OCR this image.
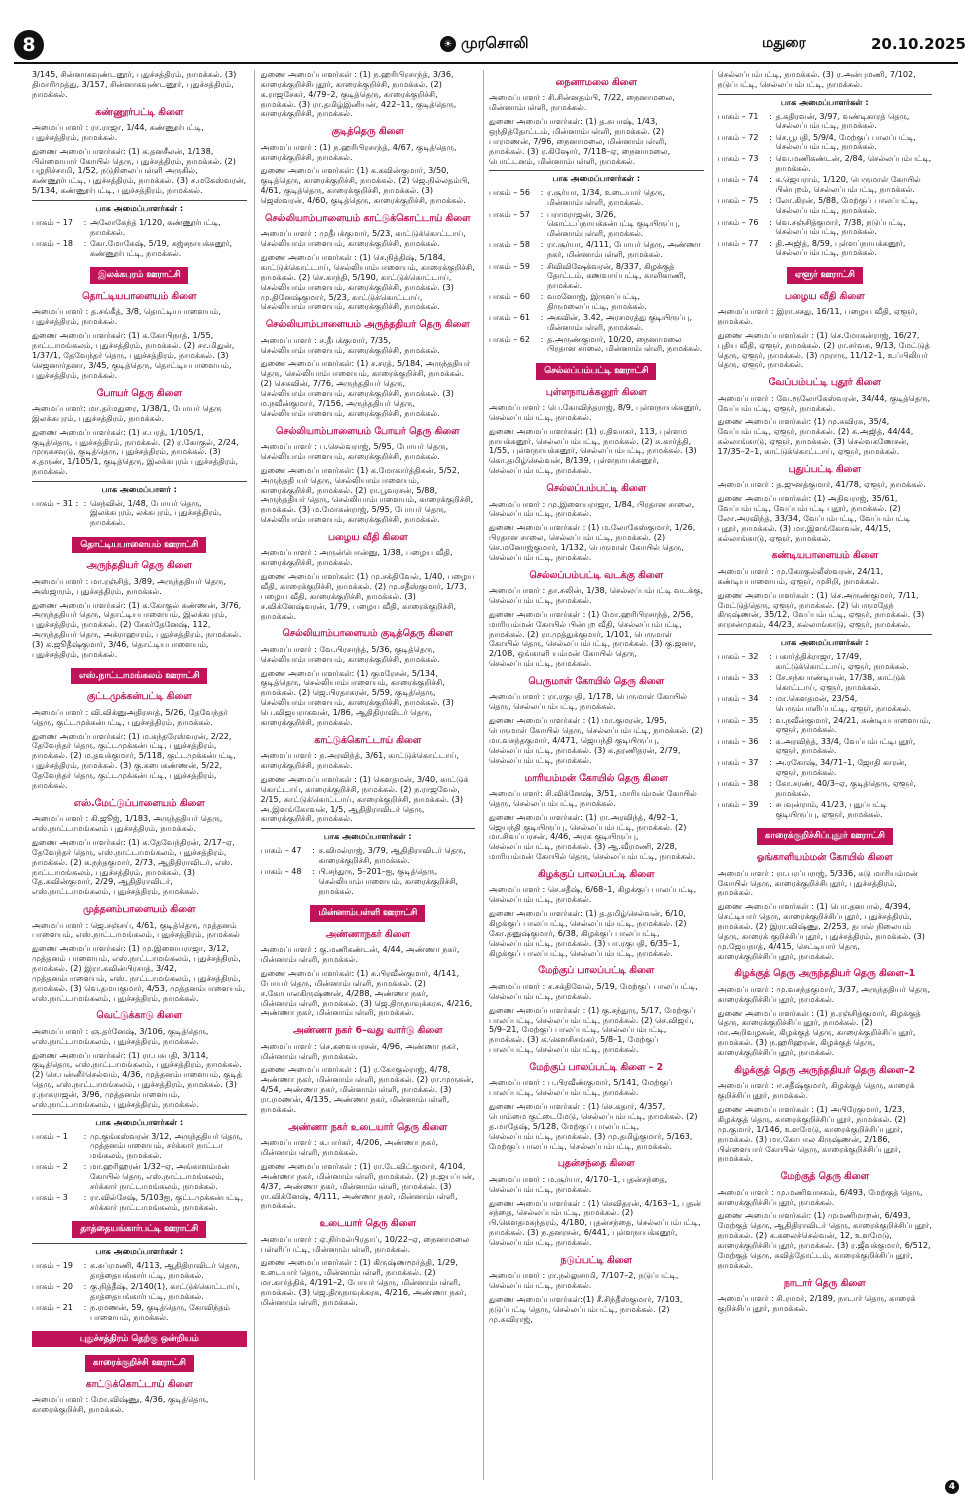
8	☀ முரசொலி	மதுரை	20.10.2025

3/145, சின்னாகவுண்டனூர், புதுச்சத்திரம், நாமக்கல். (3) திமாரிமுத்து, 3/157, சின்னாகவுண்டனூர், புதுச்சத்திரம், நாமக்கல்.

கண்ணூர்பட்டி கிளை

அமைப்பாளர் : ரா.ராஜா, 1/44, கண்ணூர்பட்டி, புதுச்சத்திரம், நாமக்கல்.

துணை அமைப்பாளர்கள்: (1) க.தனசீலன், 1/138, பிள்ளையார் கோயில் தெரு, புதுச்சத்திரம், நாமக்கல். (2) பழநிச்சாமி, 1/52, நடுநிலைப்பள்ளி அருகில், கண்ணூர்பட்டி, புதுச்சத்திரம், நாமக்கல். (3) ச.மகேஸ்வரன், 5/134, கண்ணூர்பட்டி, புதுச்சத்திரம், நாமக்கல்.

பாக அமைப்பாளர்கள் :
பாகம் – 17	:	அலோகேந்த் 1/120, கண்ணூர்பட்டி, நாமக்கல்.
பாகம் – 18	:	கோ.மோகேஷ், 5/19, கஜ்சநாயக்கனூர், கண்ணூர்பட்டி, நாமக்கல்.
இலக்கபுரம் ஊராட்சி
தொட்டியபாளையம் கிளை

அமைப்பாளர் : த.சங்கீத், 3/8, தொட்டியபாளையம், புதுச்சத்திரம், நாமக்கல்.

துணை அமைப்பாளர்கள்: (1) க.கோபிநாத், 1/55, நாட்டாமங்கலம், புதுச்சத்திரம், நாமக்கல். (2) சா.மிதுன், 1/37/1, தேவேந்தர் தெரு, புதுச்சத்திரம், நாமக்கல். (3) செஜனார்தனா, 3/45, குடித்தெரு, தொட்டியபாளையம், புதுச்சத்திரம், நாமக்கல்.

போயர் தெரு கிளை

அமைப்பாளர்: மா.தர்மதுரை, 1/38/1, போயர் தெரு இலக்கபுரம், புதுச்சத்திரம், நாமக்கல்.

துணை அமைப்பாளர்கள்: (1) ச.பரத், 1/105/1, குடித்தெரு, புதுச்சத்திரம், நாமக்கல். (2) ர.கோகுல், 2/24, முருகசவுடு, குடித்தெரு, புதுச்சத்திரம், நாமக்கல். (3) ச.தருண், 1/105/1, குடித்தெரு, இலக்கபுரம் புதுச்சத்திரம், நாமக்கல்.

பாக அமைப்பாளர் :
பாகம் – 31 :	:	செந்வின், 1/48, போயர் தெரு, இலக்கபுரம், லக்கபுரம், புதுச்சத்திரம், நாமக்கல்.
தொட்டியபாளையம் ஊராட்சி
அருந்ததியர் தெரு கிளை

அமைப்பாளர் : மா.ரஞ்சித், 3/89, அருந்ததியர் தெரு, அஸ்ஜாரம், புதுச்சத்திரம், நாமக்கல்.

துணை அமைப்பாளர்கள்: (1) க.கோகுல் கண்ணன், 3/76, அருந்ததியர் தெரு, தொட்டியபாளையம், இலக்கபுரம், புதுச்சத்திரம், நாமக்கல். (2) சேகர்தேனேஷ், 112, அருந்ததியர் தெரு, அக்ராஹாரம், புதுச்சத்திரம், நாமக்கல். (3) க.ஜூதீஷ்குமார், 3/46, தொட்டியபாளையம், புதுச்சத்திரம், நாமக்கல்.

எஸ்.நாட்டாமங்கலம் ஊராட்சி
குட்டமுக்கன்பட்டி கிளை

அமைப்பாளர் : வி.விக்னுஅதிரசாத், 5/26, தேவேந்தர் தெரு, குட்டமுக்கன்பட்டி, புதுச்சத்திரம், நாமக்கல்.

துணை அமைப்பாளர்கள்: (1) ம.சுந்தரேஸ்வரன், 2/22, தேவேந்தர் தெரு, குட்டமுக்கன்பட்டி, புதுச்சத்திரம், நாமக்கல். (2) ம.தவக்குமார், 5/118, குட்டமுக்கன்பட்டி, புதுச்சத்திரம், நாமக்கல். (3) கு.கபைகண்ணன், 5/22, தேவேந்தர் தெரு, குட்டமுக்கன்பட்டி, புதுச்சத்திரம், நாமக்கல்.

எஸ்.மேட்டுப்பாளையம் கிளை

அமைப்பாளர் : கி.ஜூஜ், 1/183, அருந்ததியர் தெரு, எஸ்.நாட்டாமங்கலம் புதுச்சத்திரம், நாமக்கல்.

துணை அமைப்பாளர்கள்: (1) க.தேவேந்திரன், 2/17–ஏ, தேவேந்தர் தெரு, எஸ்.நாட்டாமங்கலம், புதுச்சத்திரம், நாமக்கல். (2) க.நந்தகுமார், 2/73, ஆதிதிராவிடர், எஸ். நாட்டாமங்கலம், புதுச்சத்திரம், நாமக்கல். (3) தே.கவின்குமார், 2/29, ஆதிதிராவிடர், எஸ்.நாட்டாமங்கலம், புதுச்சத்திரம், நாமக்கல்.

முத்தனம்பாளையம் கிளை

அமைப்பாளர் : ஜெ.சஞ்சய், 4/61, குடித்தெரு, முத்தனம் பாளையம், எஸ்.நாட்டாமங்கலம், புதுச்சத்திரம், நாமக்கல்

துணை அமைப்பாளர்கள்: (1) மு.இளையராஜா, 3/12, முத்தனம் பாளையம், எஸ்.நாட்டாமங்கலம், புதுச்சத்திரம், நாமக்கல். (2) இரா.கவின்பிரசாத், 3/42, முத்தனம்பாளையம், எஸ். நாட்டாமங்கலம், புதுச்சத்திரம், நாமக்கல். (3) வெ.தமயகுமார், 4/53, முத்தனம்பாளையம், எஸ்.நாட்டாமங்கலம், புதுச்சத்திரம், நாமக்கல்.

வெட்டுக்காடு கிளை

அமைப்பாளர் : ஞ.தர்னேஷ், 3/106, குடித்தெரு, எஸ்.நாட்டாமங்கலம், புதுச்சத்திரம், நாமக்கல்.

துணை அமைப்பாளர்கள்: (1) ரா.பசுபதி, 3/114, குடித்தெரு, எஸ்.நாட்டாமங்கலம், புதுச்சத்திரம், நாமக்கல். (2) செ.பன்னீர்செல்வம், 4/36, முத்தனம்பாளையம், குடித் தெரு, எஸ்.நாட்டாமங்கலம், புதுச்சத்திரம், நாமக்கல். (3) ர.நாகராஜன், 3/96, முத்தனம்பாளையம், எஸ்.நாட்டாமங்கலம், புதுச்சத்திரம், நாமக்கல்.

பாக அமைப்பாளர்கள் :
பாகம் – 1	:	மு.குங்கஸ்வரன் 3/12, அருந்ததியர் தெரு, முத்தனம்பாளையம், சர்க்கார் நாட்டா மங்கலம், நாமக்கல்.
பாகம் – 2	:	மா.ஹரிஹரன் 1/32–ஏ, அங்காளம்மன் கோயில் தெரு, எஸ்.நாட்டாமங்கலம், சர்க்கார் நாட்டாமங்கலம், நாமக்கல்.
பாகம் – 3	:	ரா.வில்சேஷ், 5/103ஐ, குட்டமுக்கன்பட்டி, சர்க்கார் நாட்டாமங்கலம், நாமக்கல்.
தாத்தையங்கார்பட்டி ஊராட்சி
பாக அமைப்பாளர்கள் :
பாகம் – 19	:	க.சுப்ரமணி, 4/113, ஆதிதிராவிடர் தெரு, தாத்தையங்கார்பட்டி, நாமக்கல்.
பாகம் – 20	:	கு.நித்தீஷ், 2/140(1), காட்டுக்கொட்டாய், தாத்தையங்கார்பட்டி, நாமக்கல்.
பாகம் – 21	:	ந.ரமணன், 59, குடித்தெரு, கோவிந்தம் பாளையம், நாமக்கல்.
புதுச்சத்திரம் தெற்கு ஒன்றியம்
காரைக்குறிச்சி ஊராட்சி
காட்டுக்கொட்டாய் கிளை

அமைப்பாளர் : மோ.விஷ்ணு, 4/36, குடித்தெரு, காரைக்குறிச்சி, நாமக்கல்.

துணை அமைப்பாளர்கள் : (1) ந.ஹரிபிரசாந்த், 3/36, காரைக்குறிச்சிபுதூர், காரைக்குறிச்சி, நாமக்கல். (2) க.ராஜசேகர், 4/79–2, குடித்தெரு, காரைக்குறிச்சி, நாமக்கல். (3) ரா.தமிழ்இனியன், 422–11, குடித்தெரு, காரைக்குறிச்சி, நாமக்கல்.

குடித்தெரு கிளை

அமைப்பாளர் : (1) ந.ஹரிபிரசாந்த், 4/67, குடித்தெரு, காரைக்குறிச்சி, நாமக்கல்.

துணை அமைப்பாளர்கள்: (1) க.கவின்குமார், 3/50, குடித்தெரு, காரைக்குறிச்சி, நாமக்கல். (2) ஜெ.நில்லதம்பி, 4/61, குடித்தெரு, காரைக்குறிச்சி, நாமக்கல். (3) ஜெஸ்வரன், 4/60, குடித்தெரு, காரைக்குறிச்சி, நாமக்கல்.

செல்லியாம்பாளையம் காட்டுக்கொட்டாய் கிளை

அமைப்பாளர் : முதீபக்குமார், 5/23, காட்டுக்கொட்டாய், செல்லியாம்பாளையம், காரைக்குறிச்சி, நாமக்கல்.

துணை அமைப்பாளர்கள் : (1) செ.நித்திஷ், 5/184, காட்டுக்கொட்டாய், செல்லியாம்பாளையம், காரைக்குறிச்சி, நாமக்கல். (2) செ.காந்தி, 5/190, காட்டுக்கொட்டாய், செல்லியாம்பாளையம், காரைக்குறிச்சி, நாமக்கல். (3) மு.தினேஷ்குமார், 5/23, காட்டுக்கொட்டாய், செல்லியாம்பாளையம், காரைக்குறிச்சி, நாமக்கல்.

செல்லியாம்பாளையம் அருந்ததியர் தெரு கிளை

அமைப்பாளர் : ச.தீபக்குமார், 7/35, செல்லியாம்பாளையம், காரைக்குறிச்சி, நாமக்கல்.

துணை அமைப்பாளர்கள்: (1) ச.சரத், 5/184, அருந்ததியர் தெரு, செல்லியாம்பாளையம், காரைக்குறிச்சி, நாமக்கல். (2) செசுவின், 7/76, அருந்ததியர் தெரு, செல்லியாம்பாளையம், காரைக்குறிச்சி, நாமக்கல். (3) ம.நவீன்குமார், 7/156, அருந்ததியர் தெரு, செல்லியாம்பாளையம், காரைக்குறிச்சி, நாமக்கல்.

செல்லியாம்பாளையம் போயர் தெரு கிளை

அமைப்பாளர் : ப.செல்வராஜ், 5/95, போயர் தெரு, செல்லியாம்பாளையம், காரைக்குறிச்சி, நாமக்கல்.

துணை அமைப்பாளர்கள்: (1) க.மோகார்த்திகன், 5/52, அருந்ததி யர் தெரு, செல்லியாம்பாளையம், காரைக்குறிச்சி, நாமக்கல். (2) ரா.பூவரசன், 5/88, அருந்ததியர் தெரு, செல்லியாம்பாளையம், காரைக்குறிச்சி, நாமக்கல். (3) ம.மோகன்ராஜ், 5/95, போயர் தெரு, செல்லியாம்பாளையம், காரைக்குறிச்சி, நாமக்கல்.

பழைய வீதி கிளை

அமைப்பாளர் : அருன்பொன்னு, 1/38, பழைய வீதி, காரைக்குறிச்சி, நாமக்கல்.

துணை அமைப்பாளர்கள்: (1) மு.சக்திவேல், 1/40, பழைய வீதி, காரைக்குறிச்சி, நாமக்கல். (2) மு.சதீஸ்குமார், 1/73, பழைய வீதி, காரைக்குறிச்சி, நாமக்கல். (3) ச.விக்னேஷ்வரன், 1/79, பழைய வீதி, காரைக்குறிச்சி, நாமக்கல்.

செல்லியாம்பாளையம் குடித்தெரு கிளை

அமைப்பாளர் : வே.பிரசாந்த், 5/36, குடித்தெரு, செல்லியாம்பாளையம், காரைக்குறிச்சி, நாமக்கல்.

துணை அமைப்பாளர்கள்: (1) குமரேசன், 5/134, குடித்தெரு, செல்லியாம்பாளையம், காரைக்குறிச்சி, நாமக்கல். (2) ஜெ.பிரதாகரன், 5/59, குடித்தெரு, செல்லியாம்பாளையம், காரைக்குறிச்சி, நாமக்கல். (3) பெ.விஜயராகவன், 1/86, ஆதிதிராவிடர் தெரு, காரைக்குறிச்சி, நாமக்கல்.

காட்டுக்கொட்டாய் கிளை

அமைப்பாளர் : ந.அரவிந்த், 3/61, காட்டுக்கொட்டாய், காரைக்குறிச்சி, நாமக்கல்.

துணை அமைப்பாளர்கள் : (1) கௌதமன், 3/40, காட்டுக் கொட்டாய், காரைக்குறிச்சி, நாமக்கல். (2) ந.ராஜவேல், 2/15, காட்டுக்கொட்டாய், காரைக்குறிச்சி, நாமக்கல். (3) அ.இளங்கோவன், 1/5, ஆதிதிராவிடர் தெரு, காரைக்குறிச்சி, நாமக்கல்.

பாக அமைப்பாளர்கள் :
பாகம் – 47	:	ச.விமல்ராஜ், 3/79, ஆதிதிராவிடர் தெரு, காரைக்குறிச்சி, நாமக்கல்.
பாகம் – 48	:	பி.சந்துரு, 5–201–ஐ, குடித்தெரு, செல்லியாம்பாளையம், காரைக்குறிச்சி, நாமக்கல்.
மின்னாம்பள்ளி ஊராட்சி
அண்ணாநகர் கிளை

அமைப்பாளர் : கு.மணிகண்டன், 4/44, அண்ணா நகர், மின்னாம்பள்ளி, நாமக்கல்.

துணை அமைப்பாளர்கள்: (1) சு.பிரவீன்குமார், 4/141, போயர் தெரு, மின்னாம்பள்ளி, நாமக்கல். (2) ச.கோபாலகிருஷ்ணன், 4/288, அண்ணா நகர், மின்னாம்பள்ளி, நாமக்கல். (3) ஜெ.திருநாவுக்கரசு, 4/216, அண்ணா நகர், மின்னாம்பள்ளி, நாமக்கல்.

அண்ணா நகர் 6–வது வார்டு கிளை

அமைப்பாளர் : செ.கவையரசன், 4/96, அண்ணா நகர், மின்னாம்பள்ளி, நாமக்கல்.

துணை அமைப்பாளர்கள் : (1) ர.கோகுல்ராஜ், 4/78, அண்ணா நகர், மின்னாம்பள்ளி, நாமக்கல். (2) ரா.முருகன், 4/54, அண்ணா நகர், மின்னாம்பள்ளி, நாமக்கல். (3) ரா.ரமணன், 4/135, அண்ணா நகர், மின்னாம்பள்ளி, நாமக்கல்.

அண்ணா நகர் உடையார் தெரு கிளை

அமைப்பாளர் : க.பார்கர், 4/206, அண்ணா நகர், மின்னாம்பள்ளி, நாமக்கல்.

துணை அமைப்பாளர்கள் : (1) ரா.டேவிட்குமார், 4/104, அண்ணா நகர், மின்னாம்பள்ளி, நாமக்கல். (2) ந.ஜயப்பன், 4/37, அண்ணா நகர், மின்னாம்பள்ளி, நாமக்கல். (3) ரா.விக்னேஷ், 4/111, அண்ணா நகர், மின்னாம்பள்ளி, நாமக்கல்.

உடையார் தெரு கிளை

அமைப்பாளர் : ஏ.நிர்மல்பிரதாப், 10/22–ஏ, நைனாமலை பள்ளிப்பட்டி, மின்னாம்பள்ளி, நாமக்கல்.

துணை அமைப்பாளர்கள் : (1) கிருஷ்ணமூர்த்தி, 1/29, உடையார் தெரு, மின்னாம்பள்ளி, நாமக்கல். (2) மா.கார்த்திக், 4/191–2, போயர் தெரு, மின்னாம்பள்ளி, நாமக்கல். (3) ஜெ.திருநாவுக்கரசு, 4/216, அண்ணா நகர், மின்னாம்பள்ளி, நாமக்கல்.

நைனாமலை கிளை

அமைப்பாளர் : சி.சின்னதம்பி, 7/22, நைனாமலை, மின்னாம்பள்ளி, நாமக்கல்.

துணை அமைப்பாளர்கள்: (1) த.சுபாஷ், 1/43, ஒந்தித்தோட்டம், மின்னாம்பள்ளி, நாமக்கல். (2) பாரமணன், 7/96, நைனாமலை, மின்னாம்பள்ளி, நாமக்கல். (3) ர.கிஷோர், 7/118–ஏ, நைனாமலை, பொட்டனம், மின்னாம்பள்ளி, நாமக்கல்.

பாக அமைப்பாளர்கள் :
பாகம் – 56	:	ர.சூர்யா, 1/34, உடையார் தெரு, மின்னாம்பள்ளி, நாமக்கல்.
பாகம் – 57	:	பராமராஜன், 3/26, கொட்டப்நாயக்கன்பட்டி குடியிருப்பு, மின்னாம்பள்ளி, நாமக்கல்.
பாகம் – 58	:	ரா.சூர்யா, 4/111, போயர் தெரு, அண்ணா நகர், மின்னாம்பள்ளி, நாமக்கல்.
பாகம் – 59	:	சிவிவிஷேக்வரன், 8/337, கிழக்குத் தோட்டம், கணவாய்பட்டி, காளிகாணி, நாமக்கல்.
பாகம் – 60	:	வமனோஜ், இருளப்பட்டி, திருமலைப்பட்டி, நாமக்கல்.
பாகம் – 61	:	அகவின், 3.42, அரசமரத்து குடியிருப்பு, மின்னாம்பள்ளி, நாமக்கல்.
பாகம் – 62	:	த.அருண்குமார், 10/20, நைனாமலை பிரதான சாலை, மின்னாம்பள்ளி, நாமக்கல்.
செல்லப்பம்பட்டி ஊராட்சி
புள்ளநாயக்கனூர் கிளை

அமைப்பாளர் : பெ.கோவிந்தராஜ், 8/9, புள்ளநாயக்கனூர், செல்லப்பம்பட்டி, நாமக்கல்.

துணை அமைப்பாளர்கள்: (1) ர.திவாகர், 113, புள்ளம நாயக்கனூர், செல்லப்பம்பட்டி, நாமக்கல். (2) சு.கார்த்தி, 1/55, புள்ளநாயக்கனூர், செல்லப்பம்பட்டி, நாமக்கல். (3) கொ.தமிழ்செல்வன், 8/139, புள்ளநாயக்கனூர், செல்லப்பம்பட்டி, நாமக்கல்.

செல்லப்பம்பட்டி கிளை

அமைப்பாளர் : மு.இளையராஜா, 1/84, பிரதான சாலை, செல்லப்பம்பட்டி, நாமக்கல்.

துணை அமைப்பாளர்கள் : (1) ம.லோகேஸ்குமார், 1/26, பிரதான சாலை, செல்லப்பம்பட்டி, நாமக்கல். (2) செ.மனோஜ்குமார், 1/132, பெருமாள் கோயில் தெரு, செல்லப்பம்பட்டி, நாமக்கல்.

செல்லப்பம்பட்டி வடக்கு கிளை

அமைப்பாளர் : தா.சுலின், 1/38, செல்லப்பம்பட்டி வடக்கு, செல்லப்பம்பட்டி, நாமக்கல்.

துணை அமைப்பாளர்கள் : (1) மோ.ஹரிபிரசாந்த், 2/56, மாரியம்மன் கோயில் பின்புற வீதி, செல்லப்பம்பட்டி, நாமக்கல். (2) ரா.முத்துக்குமார், 1/101, பெருமாள் கோயில் தெரு, செல்லப்பம்பட்டி, நாமக்கல். (3) கு.ஜனா, 2/108, ஒங்காளி யம்மன் கோயில் தெரு, செல்லப்பம்பட்டி, நாமக்கல்.

பெருமாள் கோயில் தெரு கிளை

அமைப்பாளர் : ரா.ரகுபதி, 1/178, பெருமாள் கோயில் தெரு, செல்லப்பம்பட்டி, நாமக்கல்.

துணை அமைப்பாளர்கள் : (1) மா.குமரன், 1/95, பெருமாள் கோயில் தெரு, செல்லப்பம்பட்டி, நாமக்கல். (2) மா.வசந்தகுமார், 4/471, ஜெயந்தி குடியிருப்பு, செல்லப்பம்பட்டி, நாமக்கல். (3) க.தரணிதரன், 2/79, செல்லப்பம்பட்டி, நாமக்கல்.

மாரியம்மன் கோயில் தெரு கிளை

அமைப்பாளர்: சி.விக்னேஷ், 3/51, மாரியம்மன் கோயில் தெரு, செல்லப்பம்பட்டி, நாமக்கல்.

துணை அமைப்பாளர்கள்: (1) ரா.அரவிந்த், 4/92–1, ஜெயந்தி குடியிருப்பு, செல்லப்பம்பட்டி, நாமக்கல். (2) மா.சிவப்பரசன், 4/46, அரசு குடியிருப்பு, செல்லப்பம்பட்டி, நாமக்கல். (3) ஆ.வீரமணி, 2/28, மாரியம்மன் கோயில் தெரு, செல்லப்பம்பட்டி, நாமக்கல்.

கிழக்குப் பாலப்பட்டி கிளை

அமைப்பாளர் : செ.சதீஷ், 6/68–1, கிழக்குப் பாலப்பட்டி, செல்லப்பம்பட்டி, நாமக்கல்.

துணை அமைப்பாளர்கள்: (1) த.தமிழ்செல்வன், 6/10, கிழக்குப் பாலப்பட்டி, செல்லப்பம்பட்டி, நாமக்கல். (2) கோ.தனுஷ்குமார், 6/38, கிழக்குப் பாலப்பட்டி, செல்லப்பம்பட்டி, நாமக்கல். (3) பா.ரகுபதி, 6/35–1, கிழக்குப் பாலப்பட்டி, செல்லப்பம்பட்டி, நாமக்கல்.

மேற்குப் பாலப்பட்டி கிளை

அமைப்பாளர் : ச.சக்திவேல், 5/19, மேற்குப் பாலப்பட்டி, செல்லப்பம்பட்டி, நாமக்கல்.

துணை அமைப்பாளர்கள் : (1) கு.சந்துரு, 5/17, மேற்குப் பாலப்பட்டி, செல்லப்பம்பட்டி, நாமக்கல். (2) செ.விஜய், 5/9–21, மேற்குப் பாலப்பட்டி, செல்லப்பம்பட்டி, நாமக்கல். (3) க.கௌசிசங்கர், 5/8–1, மேற்குப் பாலப்பட்டி, செல்லப்பம்பட்டி, நாமக்கல்.

மேற்குப் பாலப்பட்டி கிளை – 2

அமைப்பாளர் : ப.பிரவீண்குமார், 5/141, மேற்குப் பாலப்பட்டி, செல்லப்பம்பட்டி, நாமக்கல்.

துணை அமைப்பாளர்கள் : (1) செ.கதார், 4/357, பொம்மை குட்டைமேடு, செல்லப்பம்பட்டி, நாமக்கல். (2) த.மாதேஷ், 5/128, மேற்குப் பாலப்பட்டி, செல்லப்பம்பட்டி, நாமக்கல். (3) மு.தமிழ்குமார், 5/163, மேற்குப் பாலப்பட்டி, செல்லப்பம்பட்டி, நாமக்கல்.

புதன்சந்தை கிளை

அமைப்பாளர் : ம.சூர்யா, 4/170–1, புதன்சந்தை, செல்லப்பம்பட்டி, நாமக்கல்.

துணை அமைப்பாளர்கள் : (1) செவிதரன், 4/163–1, புதன் சந்தை, செல்லப்பம்பட்டி, நாமக்கல். (2) பி.கௌதமசுந்தரம், 4/180, புதன்சந்தை, செல்லப்பம்பட்டி, நாமக்கல். (3) ந.தனரசன், 6/441, புள்ளநாயக்கனூர், செல்லப்பம்பட்டி, நாமக்கல்.

நடுப்பட்டி கிளை

அமைப்பாளர் : ரா.நல்லுசாமி, 7/107–2, நடுப்பட்டி, செல்லப்பம்பட்டி, நாமக்கல்.

துணை அமைப்பாளர்கள்:(1) சீ.சிந்தீஸ்குமார், 7/103, நடுப்பட்டி தெரு, செல்லப்பம்பட்டி, நாமக்கல். (2) மு.சுவிராஜ்,

செல்லப்பம்பட்டி, நாமக்கல். (3) ர.அன்புமணி, 7/102, நடுப்பட்டி, செல்லப்பம்பட்டி, நாமக்கல்.

பாக அமைப்பாளர்கள் :
பாகம் – 71	:	த.கதிரவன், 3/97, வண்டிகாரத் தெரு, செல்லப்பம்பட்டி, நாமக்கல்.
பாகம் – 72	:	செ.பூபதி, 5/9/4, மேற்குப் பாலப்பட்டி, செல்லப்பம்பட்டி, நாமக்கல்.
பாகம் – 73	:	வெ.மணிகண்டன், 2/84, செல்லப்பம்பட்டி, நாமக்கல்.
பாகம் – 74	:	க.ஜெயராம், 1/120, பெருமாள் கோயில் பின்புறம், செல்லப்பம்பட்டி, நாமக்கல்.
பாகம் – 75	:	லோ.கிரன், 5/88, மேற்குப் பாலப்பட்டி, செல்லப்பம்பட்டி, நாமக்கல்.
பாகம் – 76	:	வெ.சஞ்சித்குமார், 7/38, நடுப்பட்டி, செல்லப்பம்பட்டி, நாமக்கல்.
பாகம் – 77	:	தி.அஜித், 8/59, புள்ளப்நாயக்கனூர், செல்லப்பம்பட்டி, நாமக்கல்.
ஏளூர் ஊராட்சி
பழைய வீதி கிளை

அமைப்பாளர் : இரா.சசது, 16/11, பழைய வீதி, ஏளூர், நாமக்கல்.

துணை அமைப்பாளர்கள் : (1) செ.மோகன்ராஜ், 16/27, புதிய வீதி, ஏளூர், நாமக்கல். (2) ரா.சர்வசு, 9/13, மேட்டுத் தெரு, ஏளூர், நாமக்கல். (3) முராரு, 11/12–1, உப்பிலியர் தெரு, ஏளூர், நாமக்கல்.

வேப்பம்பட்டி புதூர் கிளை

அமைப்பாளர் : வே.ரூலோகேஸ்வரன், 34/44, குடித்தெரு, வேப்பம்பட்டி, ஏளூர், நாமக்கல்.

துணை அமைப்பாளர்கள்: (1) மு.சுவிரசு, 35/4, வேப்பம்பட்டி, ஏளூர், நாமக்கல். (2) சு.அஜித், 44/44, கல்லாங்காடு, ஏளூர், நாமக்கல். (3) செல்வகணேசன், 17/35–2–1, காட்டுக்கொட்டாய், ஏளூர், நாமக்கல்.

புதுப்பட்டி கிளை

அமைப்பாளர் : த.ஜுனத்குமார், 41/78, ஏளூர், நாமக்கல்.

துணை அமைப்பாளர்கள்: (1) அதிவராஜ், 35/61, வேப்பம்பட்டி, வேப்பம்பட்டி புதூர், நாமக்கல். (2) லோ.அரவிந்த், 33/34, வேப்பம்பட்டி, வேப்பம்பட்டி புதூர், நாமக்கல். (3) மா.இளங்கோவன், 44/15, கல்லாங்காடு, ஏளூர், நாமக்கல்.

கண்டியபாளையம் கிளை

அமைப்பாளர் : மு.கோகுல்லீஸ்வரன், 24/11, கண்டியபாளையம், ஏளூர், முசிறி, நாமக்கல்.

துணை அமைப்பாளர்கள் : (1) செ.அருண்குமார், 7/11, மேட்டுத்தெரு, ஏளூர், நாமக்கல். (2) பெருமதேந் கிருஷ்ணன், 35/12, வேப்பம்பட்டி, ஏளூர், நாமக்கல். (3) சாரசன்முகம், 44/23, கல்லாங்காடு, ஏளூர், நாமக்கல்.

பாக அமைப்பாளர்கள் :
பாகம் – 32	:	பகார்த்திக்ராஜா, 17/49, காட்டுக்கொட்டாய், ஏளூர், நாமக்கல்.
பாகம் – 33	:	சே.சந்கபாண்டியன், 17/38, காட்டுக் கொட்டாய், ஏளூர், நாமக்கல்.
பாகம் – 34	:	மா.கௌதமன், 23/54, பெரும்பாளிப்பட்டி, ஏளூர், நாமக்கல்.
பாகம் – 35	:	வ.நவீன்குமார், 24/21, கண்டியபாளையம், ஏளூர், நாமக்கல்.
பாகம் – 36	:	சு.அரவிந்த், 33/4, வேப்பம்பட்டிபுதூர், ஏளூர், நாமக்கல்.
பாகம் – 37	:	அ.ரகோஷ், 34/71–1, ஜோதி காரன், ஏளூர், நாமக்கல்.
பாகம் – 38	:	கோ.சரண், 40/3–ஏ, குடித்தெரு, ஏளூர், நாமக்கல்.
பாகம் – 39	:	சபவுன்ராம், 41/23, புதுப்பட்டி குடியிருப்பு, ஏளூர், நாமக்கல்.
காரைக்குறிச்சிப்புதூர் ஊராட்சி
ஓங்காளியம்மன் கோயில் கிளை

அமைப்பாளர் : ரா.பரப்பராஜ், 5/336, சுடு மாரியம்மன் கோயில் தெரு, காரைக்குறிச்சிபுதூர், புதுச்சத்திரம், நாமக்கல்.

துணை அமைப்பாளர்கள் : (1) பொ.தனபால், 4/394, செட்டியார் தெரு, காரைக்குறிச்சிப்புதூர், புதுச்சத்திரம், நாமக்கல். (2) இரா.விஷ்ணு, 2/253, தபால் நிலையம் தெரு, காரைக் குறிச்சிப்புதூர், புதுச்சத்திரம், நாமக்கல். (3) மு.ஜேயநாத், 4/415, செட்டியார் தெரு, காரைக்குறிச்சிப்புதூர், நாமக்கல்.

கிழக்குத் தெரு அருந்ததியர் தெரு கிளை–1

அமைப்பாளர் : மு.வசந்தகுமார், 3/37, அருந்ததியர் தெரு, காரைக்குறிச்சிப்புதூர், நாமக்கல்.

துணை அமைப்பாளர்கள் : (1) ந.ரஞ்சித்குமார், கிழக்குத் தெரு, காரைக்குறிச்சிப்புதூர், நாமக்கல். (2) மா.அறிவழகன், கிழக்குத் தெரு, காரைக்குறிச்சிப்புதூர், நாமக்கல். (3) ந.ஹரிஹரன், கிழக்குத் தெரு, காரைக்குறிச்சிப்புதூர், நாமக்கல்.

கிழக்குத் தெரு அருந்ததியர் தெரு கிளை–2

அமைப்பாளர் : ஈ.சதீஷ்குமார், கிழக்குத் தெரு, காரைக் குறிச்சிப்புதூர், நாமக்கல்.

துணை அமைப்பாளர்கள் : (1) அபிரேகுமார், 1/23, கிழக்குத் தெரு, காரைக்குறிச்சிப்புதூர், நாமக்கல். (2) மு.குமார், 1/146, உளமேடு, காரைக்குறிச்சிப்புதூர், நாமக்கல். (3) மா.கோபால கிருஷ்ணன், 2/186, பிள்ளையார் கோயில் தெரு, காரைக்குறிச்சிப்புதூர், நாமக்கல்.

மேற்குத் தெரு கிளை

அமைப்பாளர் : மு.மணிவாசகம், 6/493, மேற்குத் தெரு, காரைக்குறிச்சிப்புதூர், நாமக்கல்.

துணை அமைப்பாளர்கள்: (1) முமணிமாறன், 6/493, மேற்குத் தெரு, ஆதிதிராவிடர் தெரு, காரைக்குறிச்சிப்புதூர், நாமக்கல். (2) க.கலைச்செல்வன், 12, உளமேடு, காரைக்குறிச்சிப்புதூர், நாமக்கல். (3) ர.ஜீவக்குமார், 6/512, மேற்குத் தெரு, சுவித்தோட்டம், காரைக்குறிச்சிப்புதூர், நாமக்கல்.

நாடார் தெரு கிளை

அமைப்பாளர் : சி.ராமர், 2/189, நாடார் தெரு, காரைக் குறிச்சிப்புதூர், நாமக்கல்.

4
